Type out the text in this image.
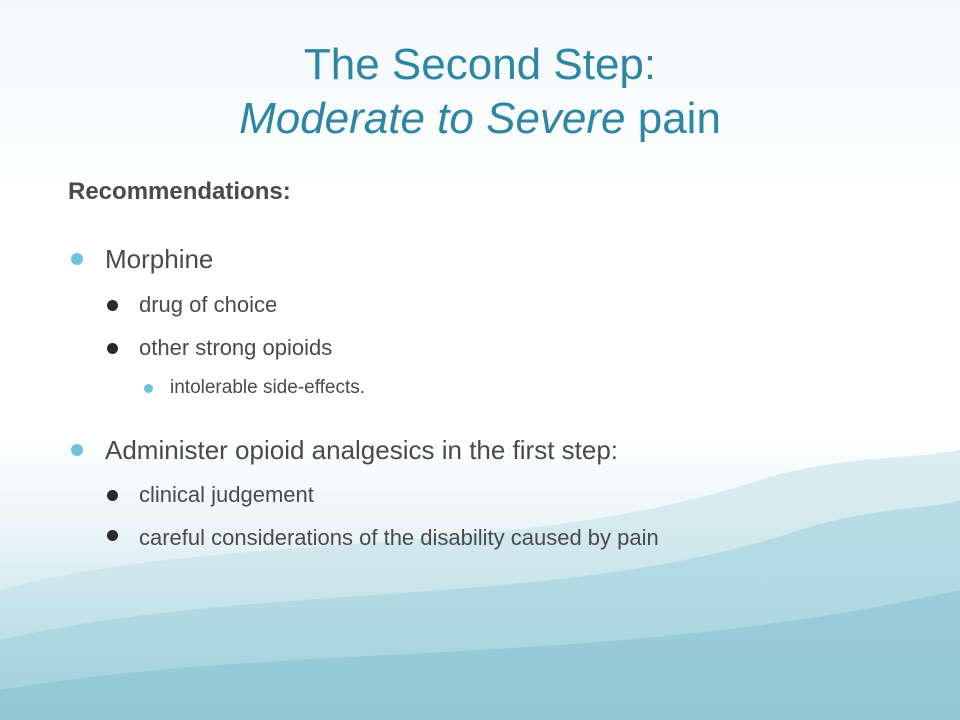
The Second Step:
Moderate to Severe pain
Recommendations:
Morphine
drug of choice
other strong opioids
intolerable side-effects.
Administer opioid analgesics in the first step:
clinical judgement
careful considerations of the disability caused by pain
